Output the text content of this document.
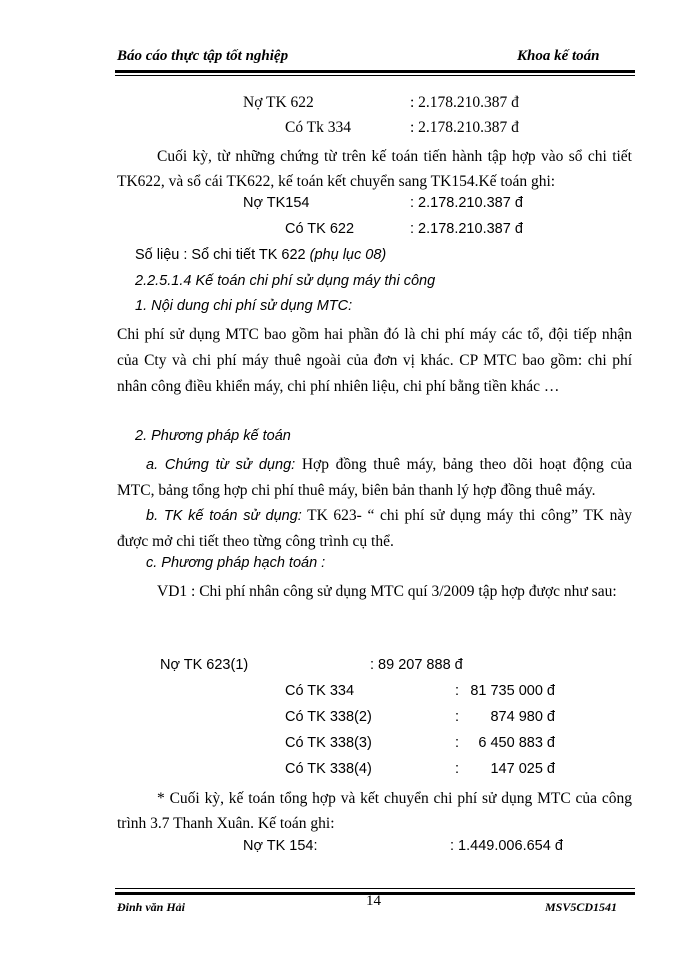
Báo cáo thực tập tốt nghiệp	Khoa kế toán
Nợ TK 622	: 2.178.210.387 đ
Có Tk 334	: 2.178.210.387 đ
Cuối kỳ, từ những chứng từ trên kế toán tiến hành tập hợp vào sổ chi tiết TK622, và sổ cái TK622, kế toán kết chuyển sang TK154.Kế toán ghi:
Nợ TK154	: 2.178.210.387 đ
Có TK 622	: 2.178.210.387 đ
Số liệu : Sổ chi tiết TK 622 (phụ lục 08)
2.2.5.1.4 Kế toán chi phí sử dụng máy thi công
1. Nội dung chi phí sử dụng MTC:
Chi phí sử dụng MTC bao gồm hai phần đó là chi phí máy các tổ, đội tiếp nhận của Cty và chi phí máy thuê ngoài của đơn vị khác. CP MTC bao gồm: chi phí nhân công điều khiển máy, chi phí nhiên liệu, chi phí bằng tiền khác …
2. Phương pháp kế toán
a. Chứng từ sử dụng: Hợp đồng thuê máy, bảng theo dõi hoạt động của MTC, bảng tổng hợp chi phí thuê máy, biên bản thanh lý hợp đồng thuê máy.
b. TK kế toán sử dụng: TK 623- “ chi phí sử dụng máy thi công” TK này được mở chi tiết theo từng công trình cụ thể.
c. Phương pháp hạch toán :
VD1 : Chi phí nhân công sử dụng MTC quí 3/2009 tập hợp được như sau:
Nợ TK 623(1)	: 89 207 888 đ
Có TK 334	: 81 735 000 đ
Có TK 338(2)	:	874 980 đ
Có TK 338(3)	:	6 450 883 đ
Có TK 338(4)	:	147 025 đ
* Cuối kỳ, kế toán tổng hợp và kết chuyển chi phí sử dụng MTC của công trình 3.7 Thanh Xuân. Kế toán ghi:
Nợ TK 154:	: 1.449.006.654 đ
Đinh văn Hải	14	MSV5CD1541
